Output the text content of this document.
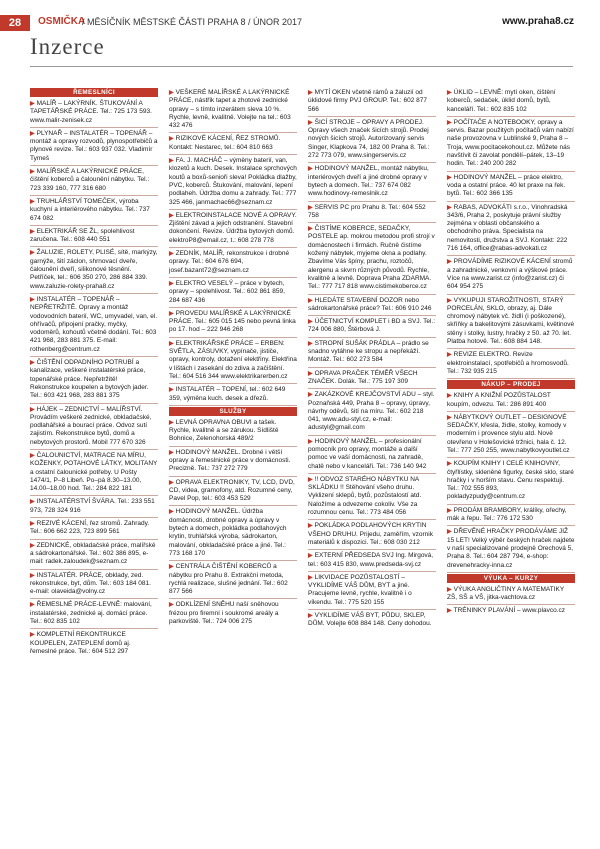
28	OSMIČKA
/ MĚSÍČNÍK MĚSTSKÉ ČÁSTI PRAHA 8 / ÚNOR 2017	www.praha8.cz
Inzerce
ŘEMESLNÍCI
▶ MALÍŘ – LAKÝRNÍK. ŠTUKOVÁNÍ A TAPETÁŘSKÉ PRÁCE. Tel.: 725 173 593. www.malir-zenisek.cz
▶ PLYNAŘ – INSTALATÉR – TOPENÁŘ – montáž a opravy rozvodů, plynospotřebičů a plynové revize. Tel.: 603 937 032. Vladimír Tymeš
▶ MALÍŘSKÉ A LAKÝRNICKÉ PRÁCE, čištění koberců a čalounění nábytku. Tel.: 723 339 160, 777 316 680
▶ TRUHLÁŘSTVÍ TOMEČEK, výroba kuchyní a interiérového nábytku. Tel.: 737 674 082
▶ ELEKTRIKÁŘ SE ŽL, spolehlivost zaručena. Tel.: 608 440 551
▶ ŽALUZIE, ROLETY, PLISÉ, sítě, markýzy, garnýže, šití záclon, shrnovací dveře, čalounění dveří, silikonové těsnění. Petříček, tel.: 606 350 270, 286 884 339. www.zaluzie-rolety-praha8.cz
▶ INSTALATÉR – TOPENÁŘ – NEPŘETRŽITĚ. Opravy a montáž vodovodních baterií, WC, umyvadel, van, el. ohřívačů, připojení pračky, myčky, vodoměrů, kohoutů včetně dodání. Tel.: 603 421 968, 283 881 375. E-mail: rothenberg@centrum.cz
▶ ČIŠTĚNÍ ODPADNÍHO POTRUBÍ a kanalizace, veškeré instalatérské práce, topenářské práce. Nepřetržitě! Rekonstrukce koupelen a bytových jader. Tel.: 603 421 968, 283 881 375
▶ HÁJEK – ZEDNICTVÍ – MALÍŘSTVÍ. Provádím veškeré zednické, obkladačské, podlahářské a bourací práce. Odvoz sutí zajistím. Rekonstrukce bytů, domů a nebytových prostorů. Mobil 777 670 326
▶ ČALOUNICTVÍ, MATRACE NA MÍRU, KOŽENKY, POTAHOVÉ LÁTKY, MOLITANY a ostatní čalounické potřeby. U Pošty 1474/1, P–8 Libeň. Po–pá 8.30–13.00, 14.00–18.00 hod. Tel.: 284 822 181
▶ INSTALATÉRSTVÍ ŠVÁRA. Tel.: 233 551 973, 728 324 916
▶ REZIVÉ KÁCENÍ, řez stromů. Zahrady. Tel.: 606 662 223, 723 899 561
▶ ZEDNICKÉ, obkladačské práce, malířské a sádrokartonářské. Tel.: 602 386 895, e-mail: radek.zaloudek@seznam.cz
▶ INSTALATÉR. PRÁCE, obklady, zed. rekonstrukce, byt, dům. Tel.: 603 184 081. e-mail: olaveida@volny.cz
▶ ŘEMESLNÉ PRÁCE-LEVNĚ: malování, instalatérské, zednické aj. domácí práce. Tel.: 602 835 102
▶ KOMPLETNÍ REKONTRUKCE KOUPELEN, ZATEPLENÍ domů aj. řemeslné práce. Tel.: 604 512 297
▶ VEŠKERÉ MALÍŘSKÉ A LAKÝRNICKÉ PRÁCE, nástřik tapet a zhotové zednické opravy – s tímto inzerátem sleva 10 %. Rychle, levně, kvalitně. Volejte na tel.: 603 432 476
▶ RIZIKOVÉ KÁCENÍ, ŘEZ STROMŮ. Kontakt: Nestarec, tel.: 604 810 663
▶ FA. J. MACHÁČ – výměny baterií, van, klozetů a kuch. Desek. Instalace sprchových koutů a boxů-senioři sleva! Pokládka dlažby, PVC, koberců. Štukování, malování, lepení podlaheh. Údržba domu a zahrady. Tel.: 777 325 466, janmachac66@seznam.cz
▶ ELEKTROINSTALACE NOVÉ A OPRAVY. Zjištění závad a jejich odstranění. Stavební dokončení. Revize. Údržba bytových domů. elektroP8@email.cz, t.: 608 278 778
▶ ZEDNÍK, MALÍŘ, rekonstrukce i drobné opravy. Tel.: 604 676 694, josef.bazant72@seznam.cz
▶ ELEKTRO VESELÝ – práce v bytech, opravy – spolehlivost. Tel.: 602 861 859, 284 687 436
▶ PROVEDU MALÍŘSKÉ A LAKÝRNICKÉ PRÁCE. Tel.: 605 015 145 nebo pevná linka po 17. hod – 222 946 268
▶ ELEKTRIKÁŘSKÉ PRÁCE – ERBEN: SVĚTLA, ZÁSUVKY, vypínače, jističe, opravy, kontroly, dotažení elektřiny. Elektřina v lištách i zasekání do zdiva a začištění. Tel.: 604 516 344 www.elektrikarerben.cz
▶ INSTALATÉR – TOPENÍ, tel.: 602 649 359, výměna kuch. desek a dřezů.
SLUŽBY
▶ LEVNÁ OPRAVNA OBUVI a tašek. Rychle, kvalitně a se zárukou. Sídliště Bohnice, Zelenohorská 489/2
▶ HODINOVÝ MANŽEL. Drobné i větší opravy a řemeslnické práce v domácnosti. Precizně. Tel.: 737 272 779
▶ OPRAVA ELEKTRONIKY, TV, LCD, DVD, CD, videa, gramofony, atd. Rozumné ceny, Pavel Pop, tel.: 603 453 529
▶ HODINOVÝ MANŽEL. Údržba domácnosti, drobné opravy a úpravy v bytech a domech, pokládka podlahových krytin, truhlářská výroba, sádrokarton, malování, obkladačské práce a jiné. Tel.: 773 168 170
▶ CENTRÁLA ČIŠTĚNÍ KOBERCŮ a nábytku pro Prahu 8. Extrakční metoda, rychlá realizace, slušné jednání. Tel.: 602 877 566
▶ ODKLÍZENÍ SNĚHU naší sněhovou frézou pro firemní i soukromé areály a parkoviště. Tel.: 724 006 275
▶ MYTÍ OKEN včetně rámů a žaluzií od úklidové firmy PVJ GROUP. Tel.: 602 877 566
▶ ŠICÍ STROJE – OPRAVY A PRODEJ. Opravy všech značek šicích strojů. Prodej nových šicích strojů. Autorizovaný servis Singer, Klapkova 74, 182 00 Praha 8. Tel.: 272 773 079, www.singerservis.cz
▶ HODINOVÝ MANŽEL, montáž nábytku, interiérových dveří a jiné drobné opravy v bytech a domech. Tel.: 737 674 082 www.hodinovy-remeslnik.cz
▶ SERVIS PC pro Prahu 8. Tel.: 604 552 758
▶ ČISTÍME KOBERCE, SEDAČKY, POSTELE ap. mokrou metodou profi strojí v domácnostech i firmách. Ručně čistíme kožený nábytek, myjeme okna a podlahy. Zbavíme Vás špíny, prachu, roztočů, alergenu a skvrn různých původů. Rychle, kvalitně a levně. Doprava Praha ZDARMA. Tel.: 777 717 818 www.cistimekoberce.cz
▶ HLEDÁTE STAVEBNÍ DOZOR nebo sádrokartonářské práce? Tel.: 606 910 246
▶ ÚČETNICTVÍ KOMPLET i BD a SVJ. Tel.: 724 006 880, Štěrbová J.
▶ STROPNÍ SUŠÁK PRÁDLA – prádlo se snadno vytáhne ke stropu a nepřekáží. Montáž. Tel.: 602 273 584
▶ OPRAVA PRAČEK TÉMĚŘ VŠECH ZNAČEK. Dolák. Tel.: 775 197 309
▶ ZAKÁZKOVÉ KREJČOVSTVÍ ADU – styl. Poznaňská 449, Praha 8 – opravy, úpravy, návrhy oděvů, šití na míru. Tel.: 602 218 041, www.adu-styl.cz, e-mail: adustyl@gmail.com
▶ HODINOVÝ MANŽEL – profesionální pomocník pro opravy, montáže a další pomoc ve vaší domácnosti, na zahradě, chatě nebo v kanceláři. Tel.: 736 140 942
▶ !! ODVOZ STARÉHO NÁBYTKU NA SKLÁDKU !! Stěhování všeho druhu. Vyklizení sklepů, bytů, pozůstalostí atd. Naložíme a odvezeme cokoliv. Vše za rozumnou cenu. Tel.: 773 484 056
▶ POKLÁDKA PODLAHOVÝCH KRYTIN VŠEHO DRUHU. Prijedu, zaměřím, vzornik materiálů k dispozici. Tel.: 608 030 212
▶ EXTERNÍ PŘEDSEDA SVJ Ing. Mirgová, tel.: 603 415 830, www.predseda-svj.cz
▶ LIKVIDACE POZŮSTALOSTÍ – VYKLIDÍME VÁŠ DŮM, BYT a jiné. Pracujeme levně, rychle, kvalitně i o víkendu. Tel.: 775 520 155
▶ VYKLIDÍME VÁŠ BYT, PŮDU, SKLEP, DŮM. Volejte 608 884 148. Ceny dohodou.
▶ ÚKLID – LEVNĚ: mytí oken, čištění koberců, sedaček, úklid domů, bytů, kanceláří. Tel.: 602 835 102
▶ POČÍTAČE A NOTEBOOKY, opravy a servis. Bazar použitých počítačů vám nabízí naše provozovna v Lublinské 9, Praha 8 –Troja, www.pocitacekohout.cz. Můžete nás navštívit či zavolat pondělí–pátek, 13–19 hodin. Tel.: 240 200 282
▶ HODINOVÝ MANŽEL – práce elektro, voda a ostatní práce. 40 let praxe na řek. bytů. Tel.: 602 366 135
▶ RABAS, ADVOKÁTI s.r.o., Vinohradská 343/6, Praha 2, poskytuje právní služby zejména v oblasti občanského a obchodního práva. Specialista na nemovitosti, družstva a SVJ. Kontakt: 222 716 164, office@rabas-advokati.cz
▶ PROVÁDÍME RIZIKOVÉ KÁCENÍ stromů a zahradnické, venkovní a výškové práce. Více na www.zarist.cz (info@zarist.cz) či 604 954 275
▶ VYKUPUJI STAROŽITNOSTI, STARÝ PORCELÁN, SKLO, obrazy, aj. Dále chromový nábytek vč. židlí (i poškozené), skříňky a bakelitovými zásuvkami, květinové stěny i stolky, lustry, hračky z 50. až 70. let. Platba hotově. Tel.: 608 884 148.
▶ REVIZE ELEKTRO. Revize elektroinstalací, spotřebičů a hromosvodů. Tel.: 732 935 215
NÁKUP – PRODEJ
▶ KNIHY A KNIŽNÍ POZŮSTALOST koupím, odvezu. Tel.: 286 891 400
▶ NÁBYTKOVÝ OUTLET – DESIGNOVÉ SEDAČKY, křesla, židle, stolky, komody v moderním i provence stylu atd. Nově otevřeno v Holešovické tržnici, hala č. 12. Tel.: 777 250 255, www.nabytkovyoutlet.cz
▶ KOUPÍM KNIHY I CELÉ KNIHOVNY, čtyřlístky, skleněné figurky, české sklo, staré hračky i v horším stavu. Cenu respektuji. Tel.: 702 555 893, pokladyzpudy@centrum.cz
▶ PRODÁM BRAMBORY, králíky, ořechy, mák a řepu. Tel.: 776 172 530
▶ DŘEVĚNÉ HRAČKY PRODÁVÁME JIŽ 15 LET! Velký výběr českých hraček najdete v naší specializované prodejně Orechová 5, Praha 8. Tel.: 604 287 794, e-shop: drevenehracky-inna.cz
VÝUKA – KURZY
▶ VÝUKA ANGLIČTINY A MATEMATIKY ZŠ, SŠ a VŠ, jitka-vachtova.cz
▶ TRÉNINKY PLAVÁNÍ – www.plavco.cz
